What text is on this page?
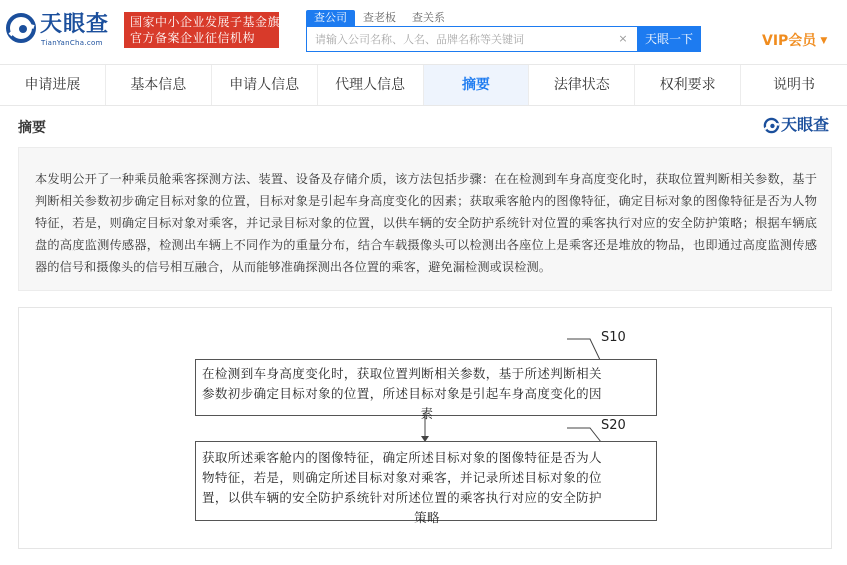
天眼查
TianYanCha.com
国家中小企业发展子基金旗下
官方备案企业征信机构
查公司	查老板	查关系
请输入公司名称、人名、品牌名称等关键词
×	天眼一下	VIP会员 ▼
申请进展	基本信息	申请人信息	代理人信息	摘要	法律状态	权利要求	说明书
摘要	天眼查

本发明公开了一种乘员舱乘客探测方法、装置、设备及存储介质，该方法包括步骤：在在检测到车身高度变化时，获取位置判断相关参数，基于判断相关参数初步确定目标对象的位置，目标对象是引起车身高度变化的因素；获取乘客舱内的图像特征，确定目标对象的图像特征是否为人物特征，若是，则确定目标对象对乘客，并记录目标对象的位置，以供车辆的安全防护系统针对位置的乘客执行对应的安全防护策略；根据车辆底盘的高度监测传感器，检测出车辆上不同作为的重量分布，结合车载摄像头可以检测出各座位上是乘客还是堆放的物品，也即通过高度监测传感器的信号和摄像头的信号相互融合，从而能够准确探测出各位置的乘客，避免漏检测或误检测。

S10
在检测到车身高度变化时，获取位置判断相关参数，基于所述判断相关
参数初步确定目标对象的位置，所述目标对象是引起车身高度变化的因
素
S20
获取所述乘客舱内的图像特征，确定所述目标对象的图像特征是否为人
物特征，若是，则确定所述目标对象对乘客，并记录所述目标对象的位
置，以供车辆的安全防护系统针对所述位置的乘客执行对应的安全防护
策略
